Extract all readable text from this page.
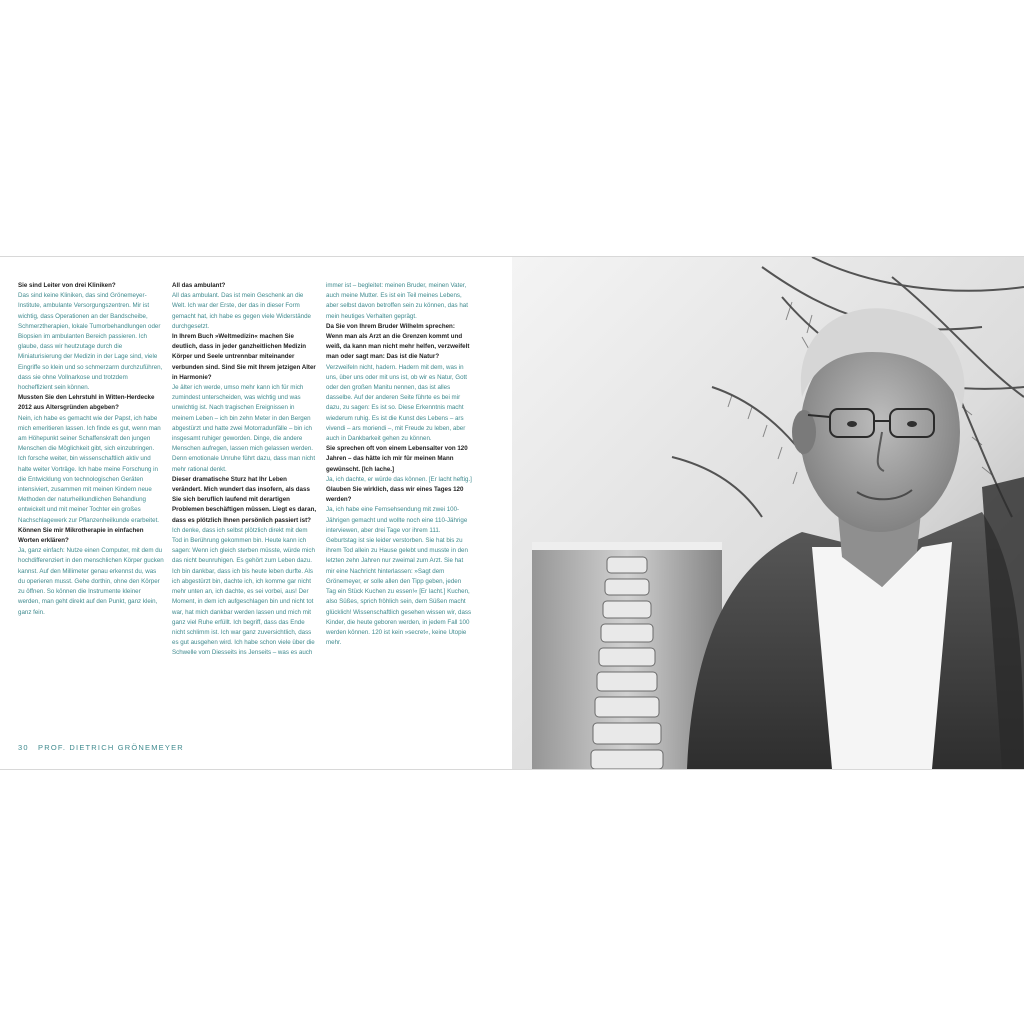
Sie sind Leiter von drei Kliniken?

Das sind keine Kliniken, das sind Grönemeyer-Institute, ambulante Versorgungszentren. Mir ist wichtig, dass Operationen an der Bandscheibe, Schmerztherapien, lokale Tumorbehandlungen oder Biopsien im ambulanten Bereich passieren. Ich glaube, dass wir heutzutage durch die Miniaturisierung der Medizin in der Lage sind, viele Eingriffe so klein und so schmerzarm durchzuführen, dass sie ohne Vollnarkose und trotzdem hocheffizient sein können.

Mussten Sie den Lehrstuhl in Witten-Herdecke 2012 aus Altersgründen abgeben?

Nein, ich habe es gemacht wie der Papst, ich habe mich emeritieren lassen. Ich finde es gut, wenn man am Höhepunkt seiner Schaffenskraft den jungen Menschen die Möglichkeit gibt, sich einzubringen. Ich forsche weiter, bin wissenschaftlich aktiv und halte weiter Vorträge. Ich habe meine Forschung in die Entwicklung von technologischen Geräten intensiviert, zusammen mit meinen Kindern neue Methoden der naturheilkundlichen Behandlung entwickelt und mit meiner Tochter ein großes Nachschlagewerk zur Pflanzenheilkunde erarbeitet.

Können Sie mir Mikrotherapie in einfachen Worten erklären?

Ja, ganz einfach: Nutze einen Computer, mit dem du hochdifferenziert in den menschlichen Körper gucken kannst. Auf den Millimeter genau erkennst du, was du operieren musst. Gehe dorthin, ohne den Körper zu öffnen. So können die Instrumente kleiner werden, man geht direkt auf den Punkt, ganz klein, ganz fein.

All das ambulant?

All das ambulant. Das ist mein Geschenk an die Welt. Ich war der Erste, der das in dieser Form gemacht hat, ich habe es gegen viele Widerstände durchgesetzt.

In Ihrem Buch »Weltmedizin« machen Sie deutlich, dass in jeder ganzheitlichen Medizin Körper und Seele untrennbar miteinander verbunden sind. Sind Sie mit Ihrem jetzigen Alter in Harmonie?

Je älter ich werde, umso mehr kann ich für mich zumindest unterscheiden, was wichtig und was unwichtig ist. Nach tragischen Ereignissen in meinem Leben – ich bin zehn Meter in den Bergen abgestürzt und hatte zwei Motorradunfälle – bin ich insgesamt ruhiger geworden. Dinge, die andere Menschen aufregen, lassen mich gelassen werden. Denn emotionale Unruhe führt dazu, dass man nicht mehr rational denkt.

Dieser dramatische Sturz hat Ihr Leben verändert. Mich wundert das insofern, als dass Sie sich beruflich laufend mit derartigen Problemen beschäftigen müssen. Liegt es daran, dass es plötzlich Ihnen persönlich passiert ist?

Ich denke, dass ich selbst plötzlich direkt mit dem Tod in Berührung gekommen bin. Heute kann ich sagen: Wenn ich gleich sterben müsste, würde mich das nicht beunruhigen. Es gehört zum Leben dazu. Ich bin dankbar, dass ich bis heute leben durfte. Als ich abgestürzt bin, dachte ich, ich komme gar nicht mehr unten an, ich dachte, es sei vorbei, aus! Der Moment, in dem ich aufgeschlagen bin und nicht tot war, hat mich dankbar werden lassen und mich mit ganz viel Ruhe erfüllt. Ich begriff, dass das Ende nicht schlimm ist. Ich war ganz zuversichtlich, dass es gut ausgehen wird. Ich habe schon viele über die Schwelle vom Diesseits ins Jenseits – was es auch

immer ist – begleitet: meinen Bruder, meinen Vater, auch meine Mutter. Es ist ein Teil meines Lebens, aber selbst davon betroffen sein zu können, das hat mein heutiges Verhalten geprägt.

Da Sie von Ihrem Bruder Wilhelm sprechen: Wenn man als Arzt an die Grenzen kommt und weiß, da kann man nicht mehr helfen, verzweifelt man oder sagt man: Das ist die Natur?

Verzweifeln nicht, hadern. Hadern mit dem, was in uns, über uns oder mit uns ist, ob wir es Natur, Gott oder den großen Manitu nennen, das ist alles dasselbe. Auf der anderen Seite führte es bei mir dazu, zu sagen: Es ist so. Diese Erkenntnis macht wiederum ruhig. Es ist die Kunst des Lebens – ars vivendi – ars moriendi –, mit Freude zu leben, aber auch in Dankbarkeit gehen zu können.

Sie sprechen oft von einem Lebensalter von 120 Jahren – das hätte ich mir für meinen Mann gewünscht. [Ich lache.]

Ja, ich dachte, er würde das können. [Er lacht heftig.]

Glauben Sie wirklich, dass wir eines Tages 120 werden?

Ja, ich habe eine Fernsehsendung mit zwei 100-Jährigen gemacht und wollte noch eine 110-Jährige interviewen, aber drei Tage vor ihrem 111. Geburtstag ist sie leider verstorben. Sie hat bis zu ihrem Tod allein zu Hause gelebt und musste in den letzten zehn Jahren nur zweimal zum Arzt. Sie hat mir eine Nachricht hinterlassen: »Sagt dem Grönemeyer, er solle allen den Tipp geben, jeden Tag ein Stück Kuchen zu essen!« [Er lacht.] Kuchen, also Süßes, sprich fröhlich sein, dem Süßen macht glücklich! Wissenschaftlich gesehen wissen wir, dass Kinder, die heute geboren werden, in jedem Fall 100 werden können. 120 ist kein »secret«, keine Utopie mehr.

30 PROF. DIETRICH GRÖNEMEYER
